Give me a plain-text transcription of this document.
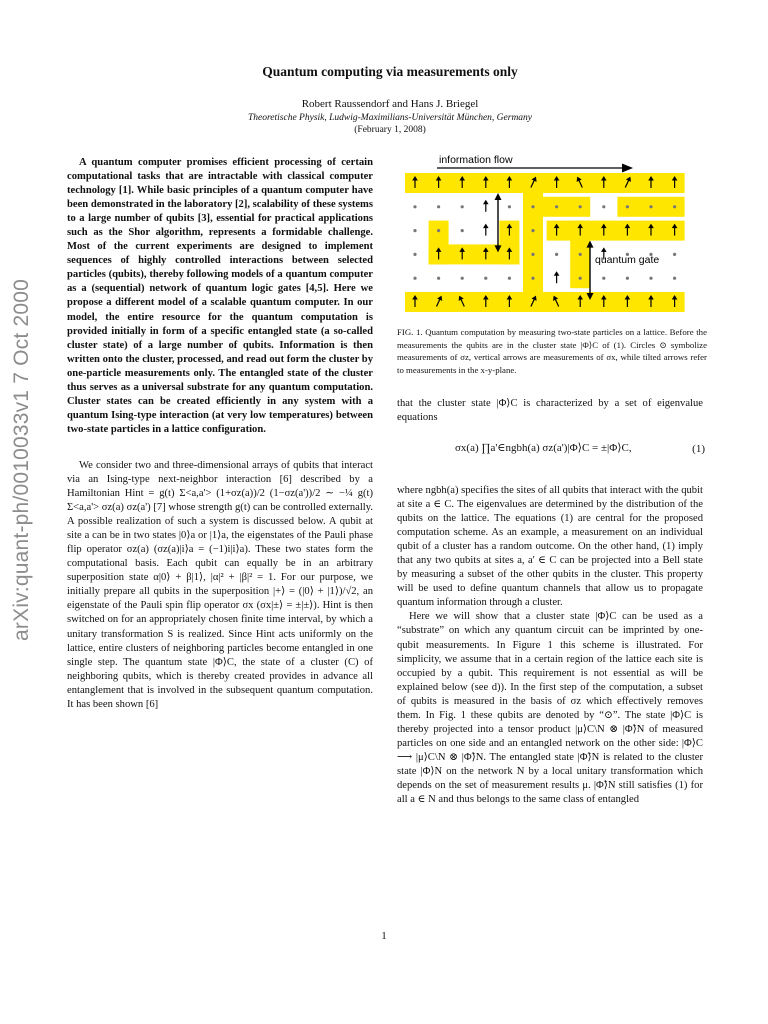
arXiv:quant-ph/0010033v1 7 Oct 2000
Quantum computing via measurements only
Robert Raussendorf and Hans J. Briegel
Theoretische Physik, Ludwig-Maximilians-Universität München, Germany
(February 1, 2008)

A quantum computer promises efficient processing of certain computational tasks that are intractable with classical computer technology [1]. While basic principles of a quantum computer have been demonstrated in the laboratory [2], scalability of these systems to a large number of qubits [3], essential for practical applications such as the Shor algorithm, represents a formidable challenge. Most of the current experiments are designed to implement sequences of highly controlled interactions between selected particles (qubits), thereby following models of a quantum computer as a (sequential) network of quantum logic gates [4,5]. Here we propose a different model of a scalable quantum computer. In our model, the entire resource for the quantum computation is provided initially in form of a specific entangled state (a so-called cluster state) of a large number of qubits. Information is then written onto the cluster, processed, and read out form the cluster by one-particle measurements only. The entangled state of the cluster thus serves as a universal substrate for any quantum computation. Cluster states can be created efficiently in any system with a quantum Ising-type interaction (at very low temperatures) between two-state particles in a lattice configuration.

We consider two and three-dimensional arrays of qubits that interact via an Ising-type next-neighbor interaction [6] described by a Hamiltonian Hint = g(t) Σ<a,a'> (1+σz(a))/2 (1−σz(a'))/2 ∼ −¼ g(t) Σ<a,a'> σz(a) σz(a') [7] whose strength g(t) can be controlled externally. A possible realization of such a system is discussed below. A qubit at site a can be in two states |0⟩a or |1⟩a, the eigenstates of the Pauli phase flip operator σz(a) (σz(a)|i⟩a = (−1)i|i⟩a). These two states form the computational basis. Each qubit can equally be in an arbitrary superposition state α|0⟩ + β|1⟩, |α|² + |β|² = 1. For our purpose, we initially prepare all qubits in the superposition |+⟩ = (|0⟩ + |1⟩)/√2, an eigenstate of the Pauli spin flip operator σx (σx|±⟩ = ±|±⟩). Hint is then switched on for an appropriately chosen finite time interval, by which a unitary transformation S is realized. Since Hint acts uniformly on the lattice, entire clusters of neighboring particles become entangled in one single step. The quantum state |Φ⟩C, the state of a cluster (C) of neighboring qubits, which is thereby created provides in advance all entanglement that is involved in the subsequent quantum computation. It has been shown [6]

information flow
quantum gate
FIG. 1. Quantum computation by measuring two-state particles on a lattice. Before the measurements the qubits are in the cluster state |Φ⟩C of (1). Circles ⊙ symbolize measurements of σz, vertical arrows are measurements of σx, while tilted arrows refer to measurements in the x-y-plane.

that the cluster state |Φ⟩C is characterized by a set of eigenvalue equations

σx(a) ∏a'∈ngbh(a) σz(a')|Φ⟩C = ±|Φ⟩C,	(1)

where ngbh(a) specifies the sites of all qubits that interact with the qubit at site a ∈ C. The eigenvalues are determined by the distribution of the qubits on the lattice. The equations (1) are central for the proposed computation scheme. As an example, a measurement on an individual qubit of a cluster has a random outcome. On the other hand, (1) imply that any two qubits at sites a, a' ∈ C can be projected into a Bell state by measuring a subset of the other qubits in the cluster. This property will be used to define quantum channels that allow us to propagate quantum information through a cluster.

Here we will show that a cluster state |Φ⟩C can be used as a “substrate” on which any quantum circuit can be imprinted by one-qubit measurements. In Figure 1 this scheme is illustrated. For simplicity, we assume that in a certain region of the lattice each site is occupied by a qubit. This requirement is not essential as will be explained below (see d)). In the first step of the computation, a subset of qubits is measured in the basis of σz which effectively removes them. In Fig. 1 these qubits are denoted by “⊙”. The state |Φ⟩C is thereby projected into a tensor product |μ⟩C\N ⊗ |Φ̃⟩N of measured particles on one side and an entangled network on the other side: |Φ⟩C ⟶ |μ⟩C\N ⊗ |Φ̃⟩N. The entangled state |Φ̃⟩N is related to the cluster state |Φ⟩N on the network N by a local unitary transformation which depends on the set of measurement results μ. |Φ̃⟩N still satisfies (1) for all a ∈ N and thus belongs to the same class of entangled

1
